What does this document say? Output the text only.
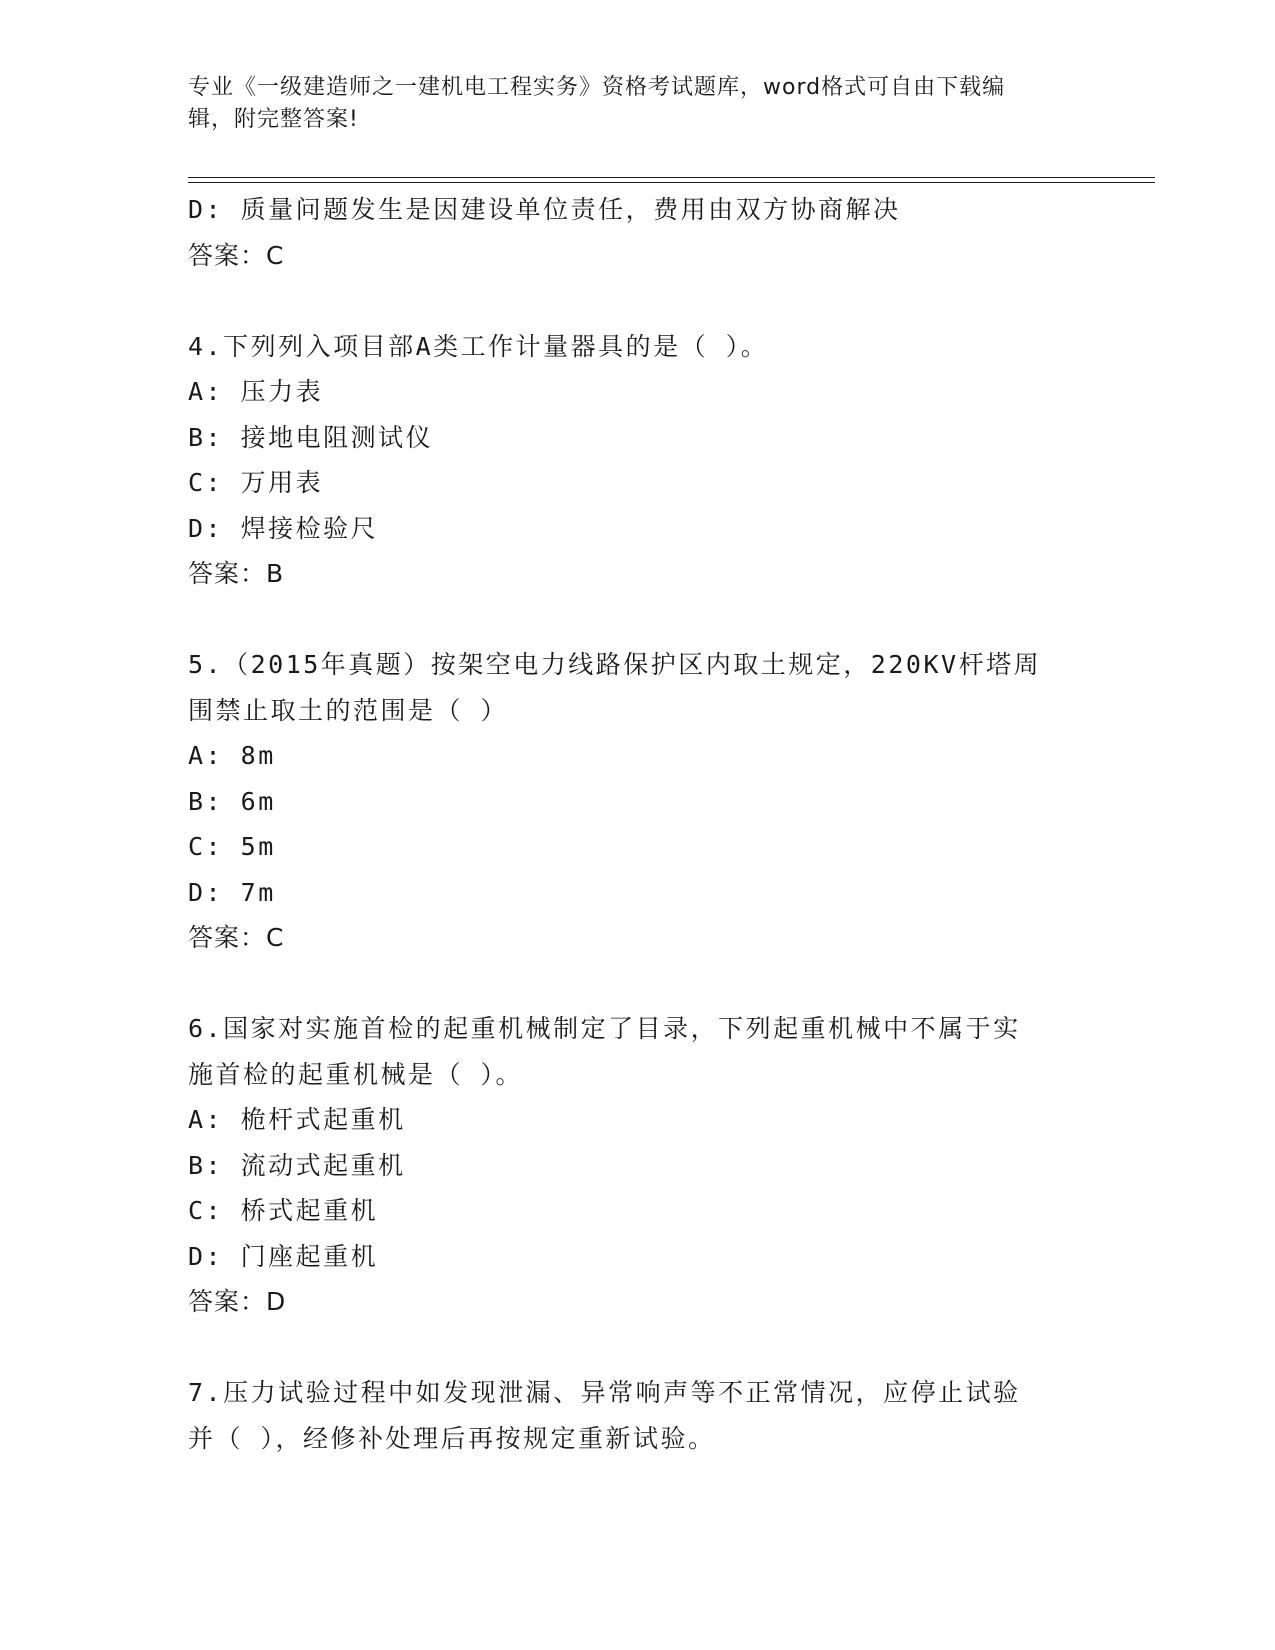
专业《一级建造师之一建机电工程实务》资格考试题库，word格式可自由下载编
辑，附完整答案!
D: 质量问题发生是因建设单位责任，费用由双方协商解决
答案：C
4.下列列入项目部A类工作计量器具的是（ ）。
A: 压力表
B: 接地电阻测试仪
C: 万用表
D: 焊接检验尺
答案：B
5.（2015年真题）按架空电力线路保护区内取土规定，220KV杆塔周
围禁止取土的范围是（ ）
A: 8m
B: 6m
C: 5m
D: 7m
答案：C
6.国家对实施首检的起重机械制定了目录，下列起重机械中不属于实
施首检的起重机械是（ ）。
A: 桅杆式起重机
B: 流动式起重机
C: 桥式起重机
D: 门座起重机
答案：D
7.压力试验过程中如发现泄漏、异常响声等不正常情况，应停止试验
并（ ），经修补处理后再按规定重新试验。
